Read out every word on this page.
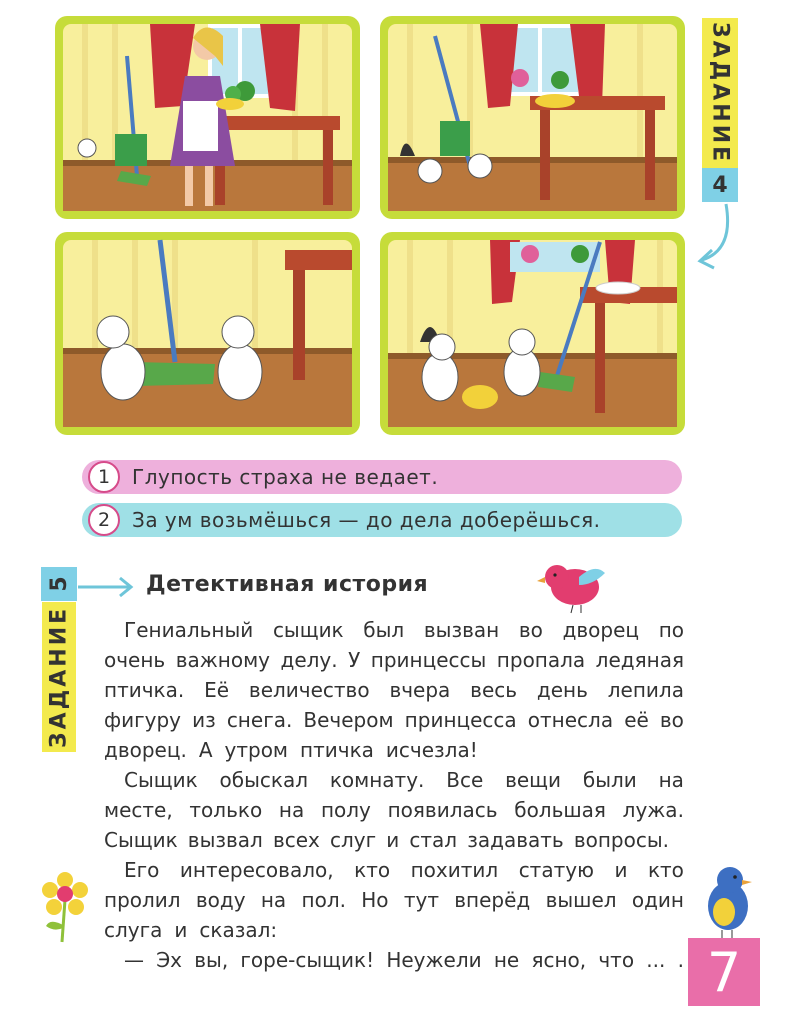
ЗАДАНИЕ
4
1	Глупость страха не ведает.
2	За ум возьмёшься — до дела доберёшься.
5
ЗАДАНИЕ
Детективная история
Гениальный сыщик был вызван во дворец по
очень важному делу. У принцессы пропала ледяная
птичка. Её величество вчера весь день лепила
фигуру из снега. Вечером принцесса отнесла её во
дворец. А утром птичка исчезла!
Сыщик обыскал комнату. Все вещи были на
месте, только на полу появилась большая лужа.
Сыщик вызвал всех слуг и стал задавать вопросы.
Его интересовало, кто похитил статую и кто
пролил воду на пол. Но тут вперёд вышел один
слуга и сказал:
— Эх вы, горе-сыщик! Неужели не ясно, что ... . 7
